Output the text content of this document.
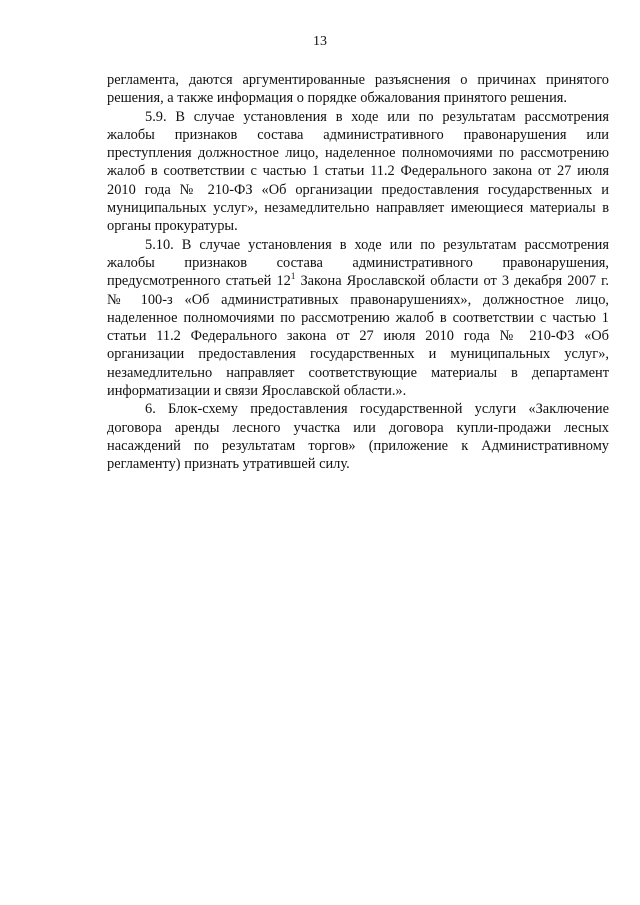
13

регламента, даются аргументированные разъяснения о причинах принятого решения, а также информация о порядке обжалования принятого решения.

5.9. В случае установления в ходе или по результатам рассмотрения жалобы признаков состава административного правонарушения или преступления должностное лицо, наделенное полномочиями по рассмотрению жалоб в соответствии с частью 1 статьи 11.2 Федерального закона от 27 июля 2010 года № 210-ФЗ «Об организации предоставления государственных и муниципальных услуг», незамедлительно направляет имеющиеся материалы в органы прокуратуры.

5.10. В случае установления в ходе или по результатам рассмотрения жалобы признаков состава административного правонарушения, предусмотренного статьей $12^1$ Закона Ярославской области от 3 декабря 2007 г. № 100-з «Об административных правонарушениях», должностное лицо, наделенное полномочиями по рассмотрению жалоб в соответствии с частью 1 статьи 11.2 Федерального закона от 27 июля 2010 года № 210-ФЗ «Об организации предоставления государственных и муниципальных услуг», незамедлительно направляет соответствующие материалы в департамент информатизации и связи Ярославской области.».

6. Блок-схему предоставления государственной услуги «Заключение договора аренды лесного участка или договора купли-продажи лесных насаждений по результатам торгов» (приложение к Административному регламенту) признать утратившей силу.
